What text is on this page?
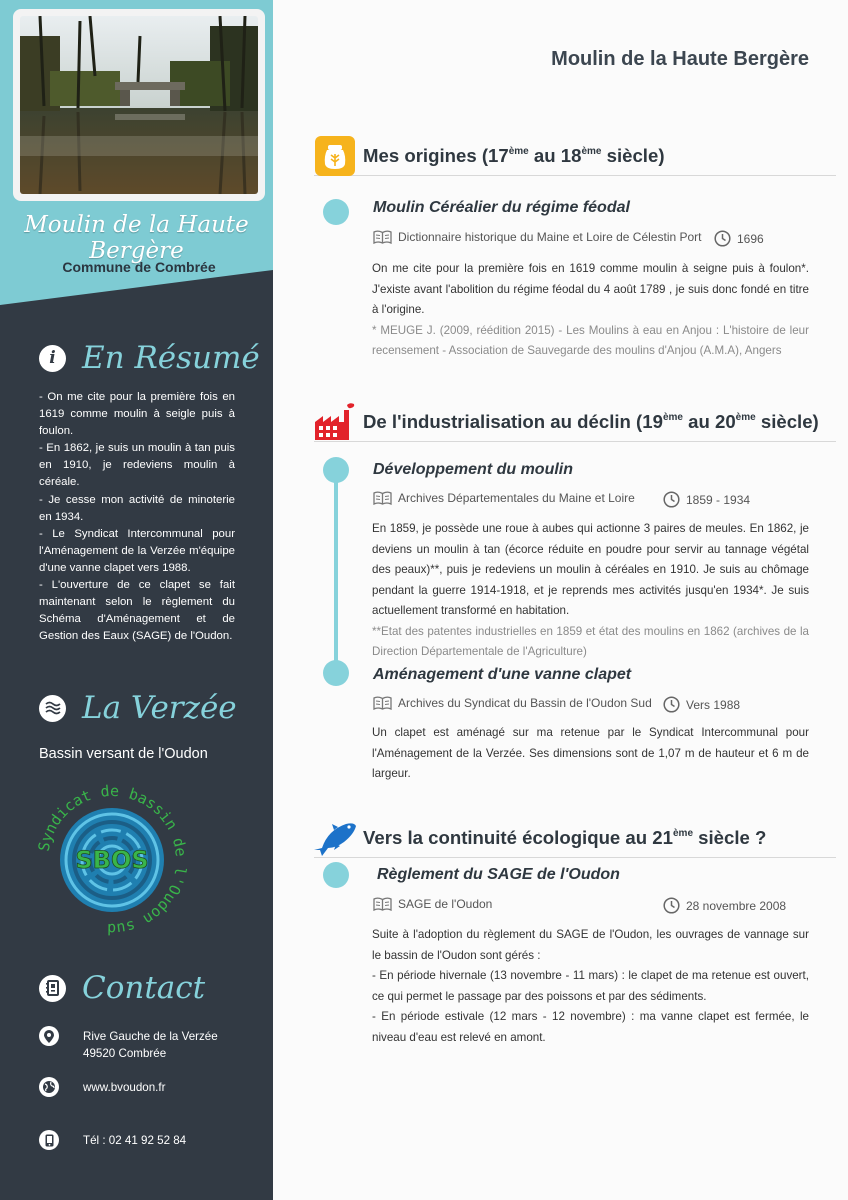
Moulin de la Haute Bergère
Commune de Combrée
i En Résumé

- On me cite pour la première fois en 1619 comme moulin à seigle puis à foulon.

- En 1862, je suis un moulin à tan puis en 1910, je redeviens moulin à céréale.

- Je cesse mon activité de minoterie en 1934.

- Le Syndicat Intercommunal pour l'Aménagement de la Verzée m'équipe d'une vanne clapet vers 1988.

- L'ouverture de ce clapet se fait maintenant selon le règlement du Schéma d'Aménagement et de Gestion des Eaux (SAGE) de l'Oudon.

La Verzée
Bassin versant de l'Oudon
SBOS
Syndicat de bassin de l'Oudon sud
Contact
Rive Gauche de la Verzée
49520 Combrée
www.bvoudon.fr
Tél : 02 41 92 52 84
Moulin de la Haute Bergère
Mes origines (17ème au 18ème siècle)
Moulin Céréalier du régime féodal
Dictionnaire historique du Maine et Loire de Célestin Port	1696

On me cite pour la première fois en 1619 comme moulin à seigne puis à foulon*. J'existe avant l'abolition du régime féodal du 4 août 1789 , je suis donc fondé en titre à l'origine.

* MEUGE J. (2009, réédition 2015) - Les Moulins à eau en Anjou : L'histoire de leur recensement - Association de Sauvegarde des moulins d'Anjou (A.M.A), Angers

De l'industrialisation au déclin (19ème au 20ème siècle)
Développement du moulin
Archives Départementales du Maine et Loire	1859 - 1934

En 1859, je possède une roue à aubes qui actionne 3 paires de meules. En 1862, je deviens un moulin à tan (écorce réduite en poudre pour servir au tannage végétal des peaux)**, puis je redeviens un moulin à céréales en 1910. Je suis au chômage pendant la guerre 1914-1918, et je reprends mes activités jusqu'en 1934*. Je suis actuellement transformé en habitation.

**Etat des patentes industrielles en 1859 et état des moulins en 1862 (archives de la Direction Départementale de l'Agriculture)

Aménagement d'une vanne clapet
Archives du Syndicat du Bassin de l'Oudon Sud	Vers 1988

Un clapet est aménagé sur ma retenue par le Syndicat Intercommunal pour l'Aménagement de la Verzée. Ses dimensions sont de 1,07 m de hauteur et 6 m de largeur.

Vers la continuité écologique au 21ème siècle ?
Règlement du SAGE de l'Oudon
SAGE de l'Oudon	28 novembre 2008

Suite à l'adoption du règlement du SAGE de l'Oudon, les ouvrages de vannage sur le bassin de l'Oudon sont gérés :

- En période hivernale (13 novembre - 11 mars) : le clapet de ma retenue est ouvert, ce qui permet le passage par des poissons et par des sédiments.

- En période estivale (12 mars - 12 novembre) : ma vanne clapet est fermée, le niveau d'eau est relevé en amont.
